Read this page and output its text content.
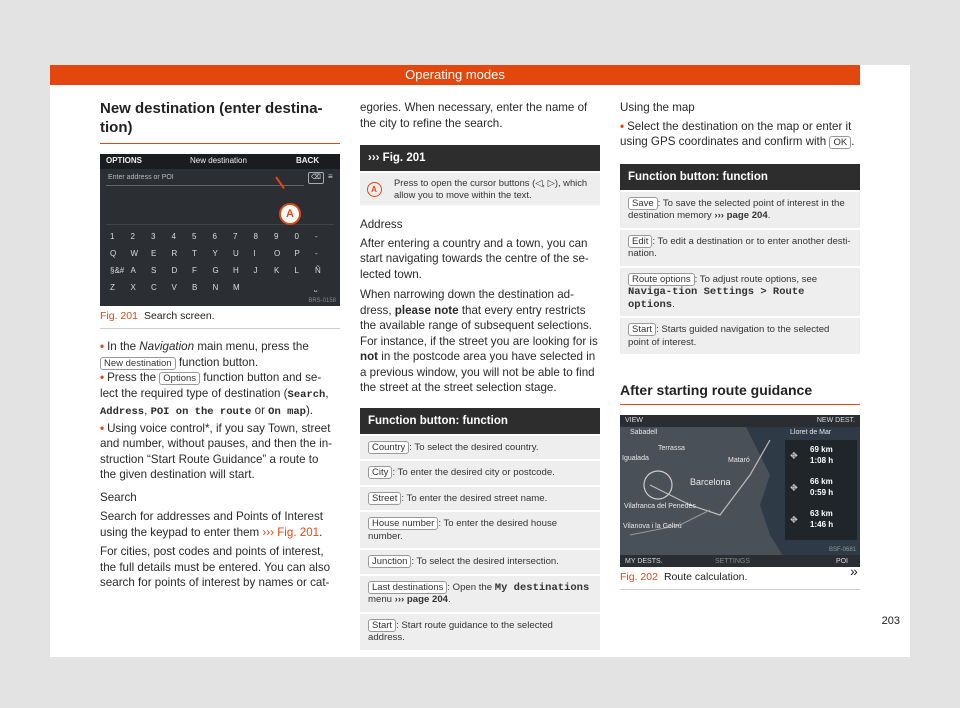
Operating modes
New destination (enter destina-
tion)
OPTIONS	New destination	BACK
Enter address or POI	⌫ ≡
1 2 3 4 5 6 7 8 9 0 -
Q W E R T Y U I O P -
§&# A S D F G H J K L Ñ
Z X C V B N M	⎵
A
BRS-0158
Fig. 201 Search screen.

• In the Navigation main menu, press the
New destination function button.

• Press the Options function button and se-
lect the required type of destination (Search,
Address, POI on the route or On map).

• Using voice control*, if you say Town, street
and number, without pauses, and then the in-
struction “Start Route Guidance” a route to
the given destination will start.

Search

Search for addresses and Points of Interest
using the keypad to enter them ››› Fig. 201.

For cities, post codes and points of interest,
the full details must be entered. You can also
search for points of interest by names or cat-

egories. When necessary, enter the name of
the city to refine the search.

››› Fig. 201
A
Press to open the cursor buttons (◁, ▷), which allow you to move within the text.

Address

After entering a country and a town, you can start navigating towards the centre of the se-lected town.

When narrowing down the destination ad-dress, please note that every entry restricts the available range of subsequent selections. For instance, if the street you are looking for is not in the postcode area you have selected in a previous window, you will not be able to find the street at the street selection stage.

Function button: function
Country : To select the desired country.
City : To enter the desired city or postcode.
Street : To enter the desired street name.
House number : To enter the desired house number.
Junction : To select the desired intersection.
Last destinations : Open the My destinations
menu ››› page 204.
Start : Start route guidance to the selected address.

Using the map

• Select the destination on the map or enter it using GPS coordinates and confirm with OK .

Function button: function
Save : To save the selected point of interest in the destination memory ››› page 204.
Edit : To edit a destination or to enter another desti-nation.
Route options : To adjust route options, see Naviga-tion Settings > Route options.
Start : Starts guided navigation to the selected point of interest.
After starting route guidance
VIEW	NEW DEST.
MY DESTS.	SETTINGS	POI
Lloret de Mar
Terrassa
Mataró
Barcelona
Sabadell
Igualada
Vilanova i la Geltrú
Vilafranca del Penedès
⛖
69 km
1:08 h
⛖
66 km
0:59 h
⛖
63 km
1:46 h
BSF-0681
Fig. 202 Route calculation.	»
203
